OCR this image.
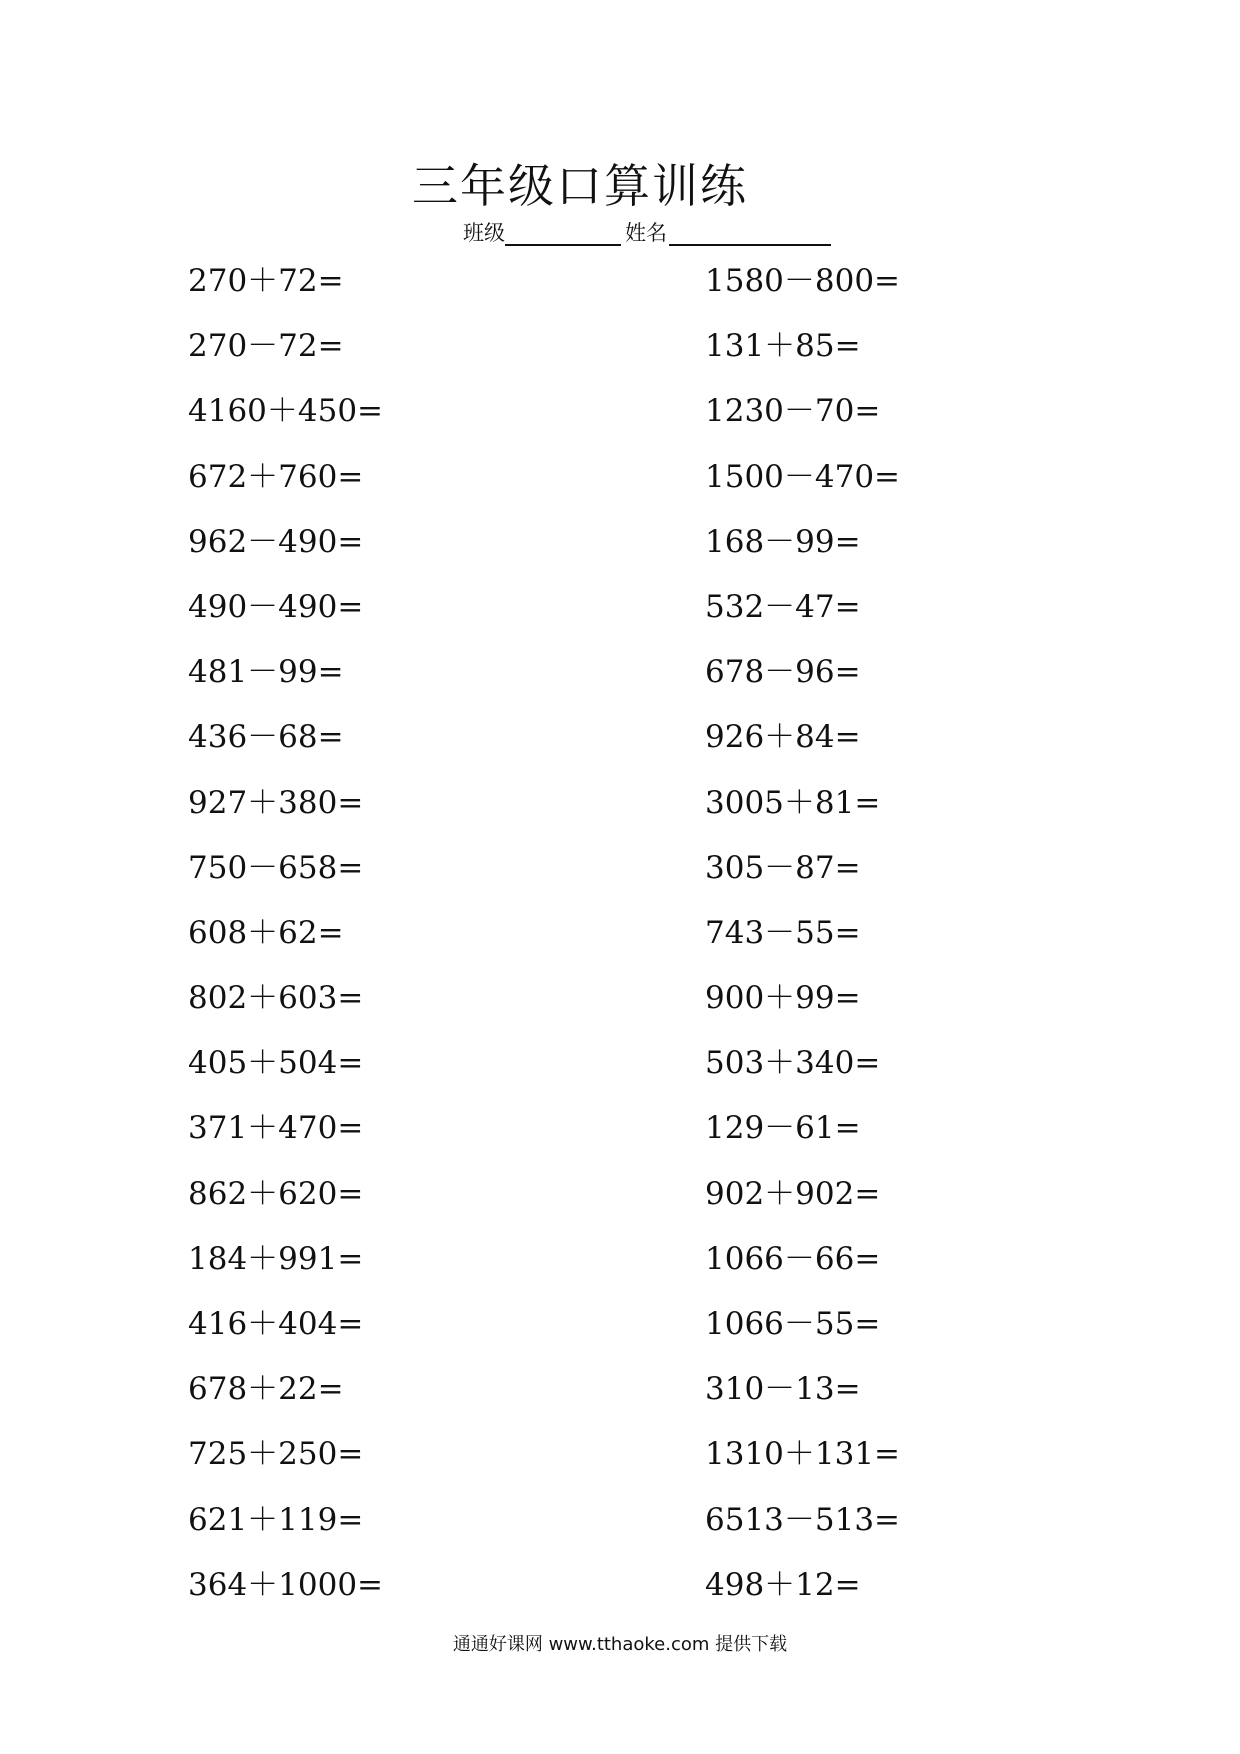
三年级口算训练
班级	姓名
270＋72=
270－72=
4160＋450=
672＋760=
962－490=
490－490=
481－99=
436－68=
927＋380=
750－658=
608＋62=
802＋603=
405＋504=
371＋470=
862＋620=
184＋991=
416＋404=
678＋22=
725＋250=
621＋119=
364＋1000=
1580－800=
131＋85=
1230－70=
1500－470=
168－99=
532－47=
678－96=
926＋84=
3005＋81=
305－87=
743－55=
900＋99=
503＋340=
129－61=
902＋902=
1066－66=
1066－55=
310－13=
1310＋131=
6513－513=
498＋12=
通通好课网 www.tthaoke.com 提供下载
